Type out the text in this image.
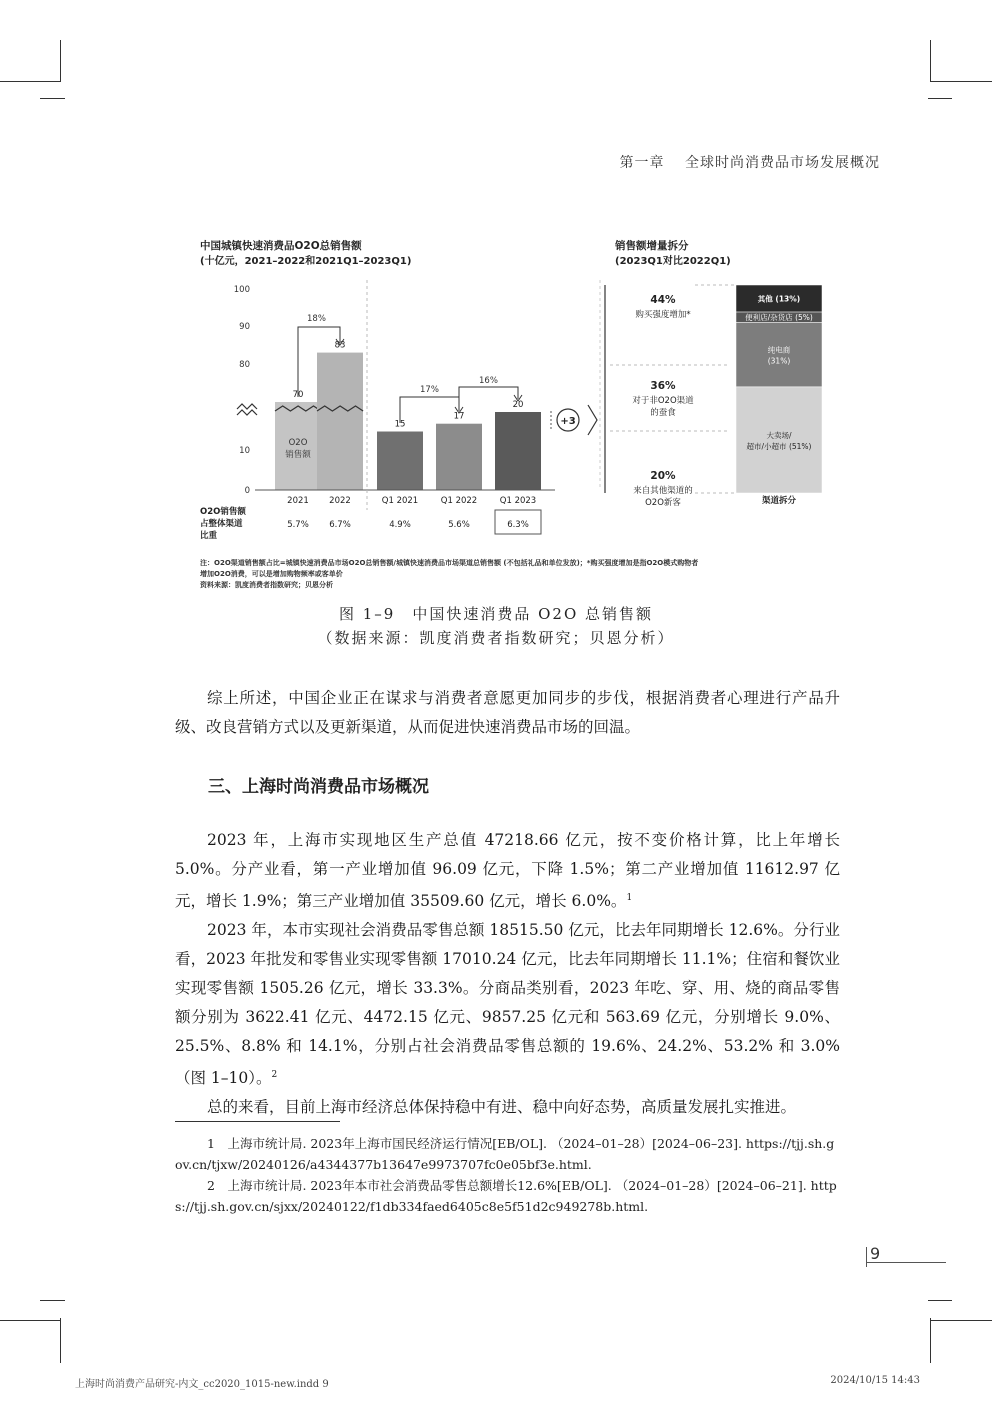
第一章　 全球时尚消费品市场发展概况
中国城镇快速消费品O2O总销售额
(十亿元，2021–2022和2021Q1–2023Q1)
销售额增量拆分
(2023Q1对比2022Q1)
100
90
80
10
0
70
2021
83
2022
15
Q1 2021
17
Q1 2022
20
Q1 2023
O2O
销售额
18%
17%
16%
+3
O2O销售额
占整体渠道
比重
5.7% 6.7%	4.9%	5.6%	6.3%
44%
购买强度增加*
36%
对于非O2O渠道
的蚕食
20%
来自其他渠道的
O2O新客
其他 (13%)
便利店/杂货店 (5%)
纯电商
(31%)
大卖场/
超市/小超市 (51%)
渠道拆分
注：O2O渠道销售额占比=城镇快速消费品市场O2O总销售额/城镇快速消费品市场渠道总销售额 (不包括礼品和单位发放)；*购买强度增加是指O2O模式购物者
增加O2O消费，可以是增加购物频率或客单价
资料来源：凯度消费者指数研究；贝恩分析
图 1–9　中国快速消费品 O2O 总销售额
（数据来源：凯度消费者指数研究；贝恩分析）

综上所述，中国企业正在谋求与消费者意愿更加同步的步伐，根据消费者心理进行产品升级、改良营销方式以及更新渠道，从而促进快速消费品市场的回温。

三、上海时尚消费品市场概况

2023 年，上海市实现地区生产总值 47218.66 亿元，按不变价格计算，比上年增长 5.0%。分产业看，第一产业增加值 96.09 亿元，下降 1.5%；第二产业增加值 11612.97 亿元，增长 1.9%；第三产业增加值 35509.60 亿元，增长 6.0%。$^1$

2023 年，本市实现社会消费品零售总额 18515.50 亿元，比去年同期增长 12.6%。分行业看，2023 年批发和零售业实现零售额 17010.24 亿元，比去年同期增长 11.1%；住宿和餐饮业实现零售额 1505.26 亿元，增长 33.3%。分商品类别看，2023 年吃、穿、用、烧的商品零售额分别为 3622.41 亿元、4472.15 亿元、9857.25 亿元和 563.69 亿元，分别增长 9.0%、25.5%、8.8% 和 14.1%，分别占社会消费品零售总额的 19.6%、24.2%、53.2% 和 3.0%（图 1–10）。$^2$

总的来看，目前上海市经济总体保持稳中有进、稳中向好态势，高质量发展扎实推进。

1　上海市统计局. 2023年上海市国民经济运行情况[EB/OL]. （2024–01–28）[2024–06–23]. https://tjj.sh.gov.cn/tjxw/20240126/a4344377b13647e9973707fc0e05bf3e.html.

2　上海市统计局. 2023年本市社会消费品零售总额增长12.6%[EB/OL]. （2024–01–28）[2024–06–21]. https://tjj.sh.gov.cn/sjxx/20240122/f1db334faed6405c8e5f51d2c949278b.html.

9
上海时尚消费产品研究-内文_cc2020_1015-new.indd 9	2024/10/15 14:43
